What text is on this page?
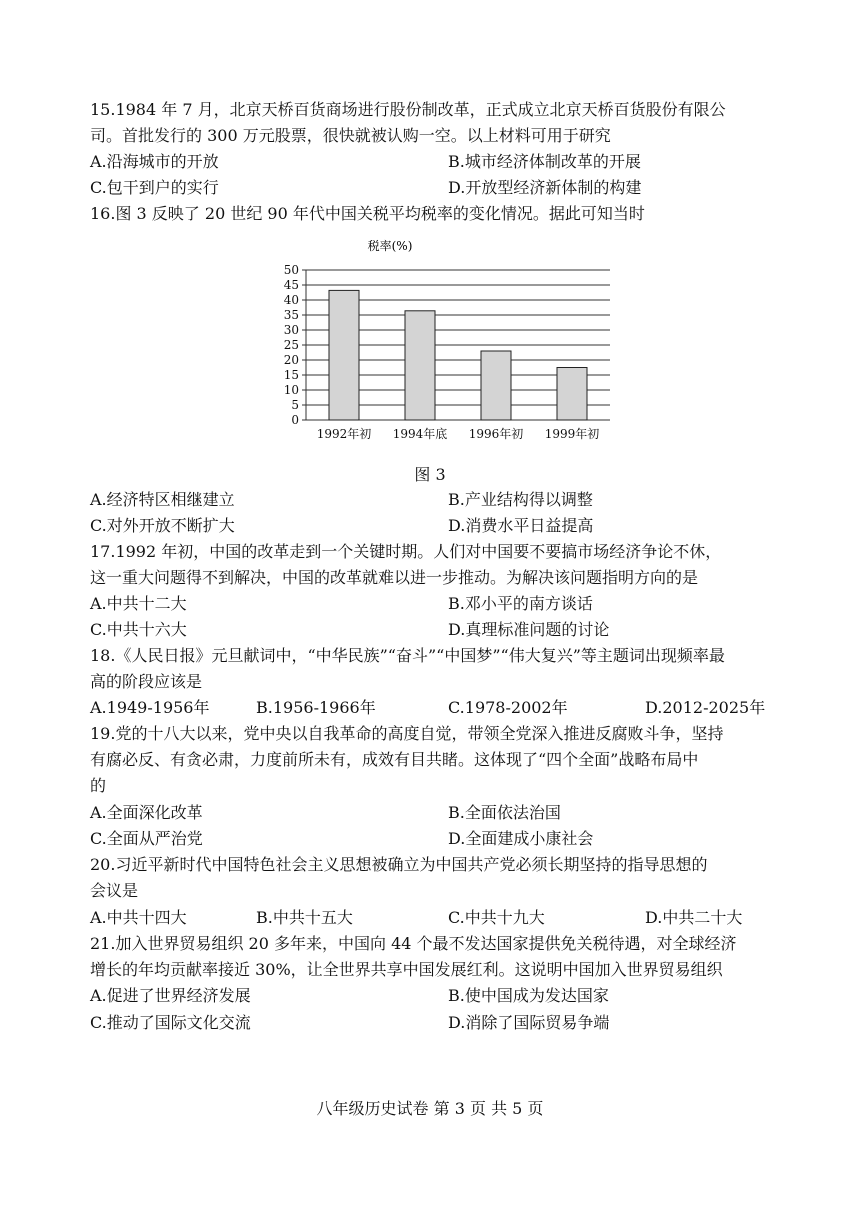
15.1984 年 7 月，北京天桥百货商场进行股份制改革，正式成立北京天桥百货股份有限公
司。首批发行的 300 万元股票，很快就被认购一空。以上材料可用于研究
A.沿海城市的开放	B.城市经济体制改革的开展
C.包干到户的实行	D.开放型经济新体制的构建
16.图 3 反映了 20 世纪 90 年代中国关税平均税率的变化情况。据此可知当时
税率(%)
0
5
10
15
20
25
30
35
40
45
50
1992年初 1994年底 1996年初 1999年初
图 3
A.经济特区相继建立	B.产业结构得以调整
C.对外开放不断扩大	D.消费水平日益提高
17.1992 年初，中国的改革走到一个关键时期。人们对中国要不要搞市场经济争论不休，
这一重大问题得不到解决，中国的改革就难以进一步推动。为解决该问题指明方向的是
A.中共十二大	B.邓小平的南方谈话
C.中共十六大	D.真理标准问题的讨论
18.《人民日报》元旦献词中，“中华民族”“奋斗”“中国梦”“伟大复兴”等主题词出现频率最
高的阶段应该是
A.1949-1956年	B.1956-1966年	C.1978-2002年	D.2012-2025年
19.党的十八大以来，党中央以自我革命的高度自觉，带领全党深入推进反腐败斗争，坚持
有腐必反、有贪必肃，力度前所未有，成效有目共睹。这体现了“四个全面”战略布局中
的
A.全面深化改革	B.全面依法治国
C.全面从严治党	D.全面建成小康社会
20.习近平新时代中国特色社会主义思想被确立为中国共产党必须长期坚持的指导思想的
会议是
A.中共十四大	B.中共十五大	C.中共十九大	D.中共二十大
21.加入世界贸易组织 20 多年来，中国向 44 个最不发达国家提供免关税待遇，对全球经济
增长的年均贡献率接近 30%，让全世界共享中国发展红利。这说明中国加入世界贸易组织
A.促进了世界经济发展	B.使中国成为发达国家
C.推动了国际文化交流	D.消除了国际贸易争端
八年级历史试卷 第 3 页 共 5 页
